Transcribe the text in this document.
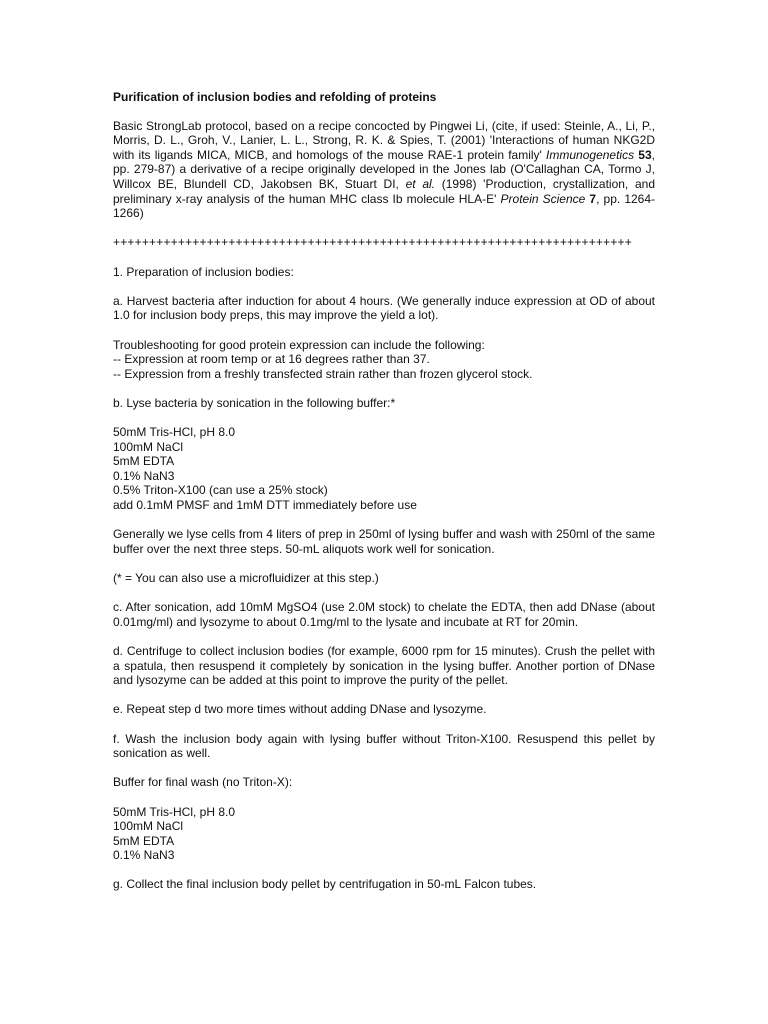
Purification of inclusion bodies and refolding of proteins

Basic StrongLab protocol, based on a recipe concocted by Pingwei Li, (cite, if used: Steinle, A., Li, P., Morris, D. L., Groh, V., Lanier, L. L., Strong, R. K. & Spies, T. (2001) 'Interactions of human NKG2D with its ligands MICA, MICB, and homologs of the mouse RAE-1 protein family' Immunogenetics 53, pp. 279-87) a derivative of a recipe originally developed in the Jones lab (O'Callaghan CA, Tormo J, Willcox BE, Blundell CD, Jakobsen BK, Stuart DI, et al. (1998) 'Production, crystallization, and preliminary x-ray analysis of the human MHC class Ib molecule HLA-E' Protein Science 7, pp. 1264-1266)

++++++++++++++++++++++++++++++++++++++++++++++++++++++++++++++++++++++++

1. Preparation of inclusion bodies:

a. Harvest bacteria after induction for about 4 hours. (We generally induce expression at OD of about 1.0 for inclusion body preps, this may improve the yield a lot).

Troubleshooting for good protein expression can include the following:
-- Expression at room temp or at 16 degrees rather than 37.
-- Expression from a freshly transfected strain rather than frozen glycerol stock.

b. Lyse bacteria by sonication in the following buffer:*

50mM Tris-HCl, pH 8.0
100mM NaCl
5mM EDTA
0.1% NaN3
0.5% Triton-X100 (can use a 25% stock)
add 0.1mM PMSF and 1mM DTT immediately before use

Generally we lyse cells from 4 liters of prep in 250ml of lysing buffer and wash with 250ml of the same buffer over the next three steps. 50-mL aliquots work well for sonication.

(* = You can also use a microfluidizer at this step.)

c. After sonication, add 10mM MgSO4 (use 2.0M stock) to chelate the EDTA, then add DNase (about 0.01mg/ml) and lysozyme to about 0.1mg/ml to the lysate and incubate at RT for 20min.

d. Centrifuge to collect inclusion bodies (for example, 6000 rpm for 15 minutes). Crush the pellet with a spatula, then resuspend it completely by sonication in the lysing buffer. Another portion of DNase and lysozyme can be added at this point to improve the purity of the pellet.

e. Repeat step d two more times without adding DNase and lysozyme.

f. Wash the inclusion body again with lysing buffer without Triton-X100. Resuspend this pellet by sonication as well.

Buffer for final wash (no Triton-X):

50mM Tris-HCl, pH 8.0
100mM NaCl
5mM EDTA
0.1% NaN3

g. Collect the final inclusion body pellet by centrifugation in 50-mL Falcon tubes.
